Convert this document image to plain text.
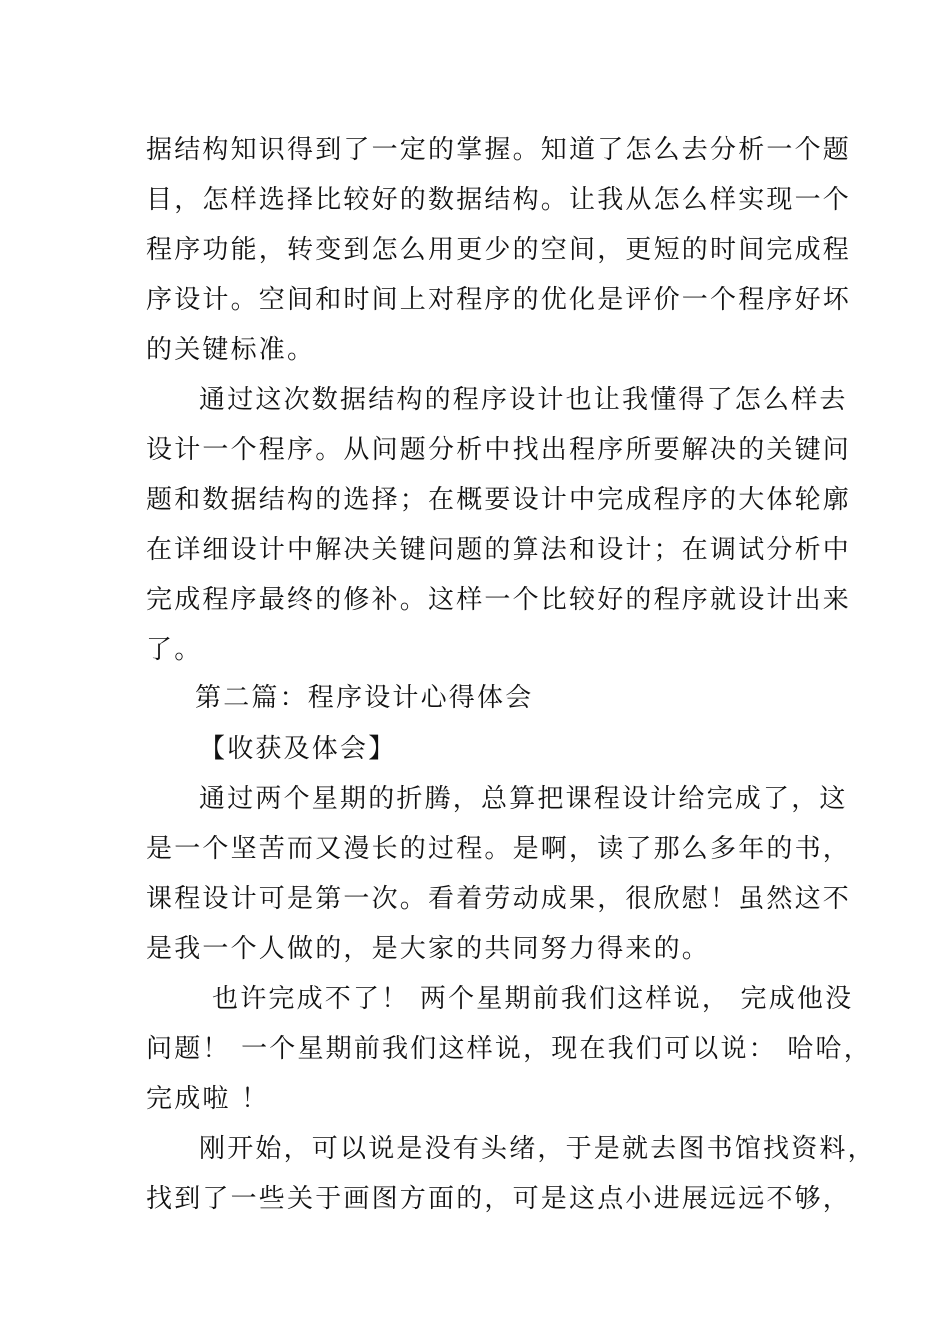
据结构知识得到了一定的掌握。知道了怎么去分析一个题
目，怎样选择比较好的数据结构。让我从怎么样实现一个
程序功能，转变到怎么用更少的空间，更短的时间完成程
序设计。空间和时间上对程序的优化是评价一个程序好坏
的关键标准。
通过这次数据结构的程序设计也让我懂得了怎么样去
设计一个程序。从问题分析中找出程序所要解决的关键问
题和数据结构的选择；在概要设计中完成程序的大体轮廓
在详细设计中解决关键问题的算法和设计；在调试分析中
完成程序最终的修补。这样一个比较好的程序就设计出来
了。
第二篇：程序设计心得体会
【收获及体会】
通过两个星期的折腾，总算把课程设计给完成了，这
是一个坚苦而又漫长的过程。是啊，读了那么多年的书，
课程设计可是第一次。看着劳动成果，很欣慰！虽然这不
是我一个人做的，是大家的共同努力得来的。
也许完成不了！ 两个星期前我们这样说， 完成他没
问题！ 一个星期前我们这样说，现在我们可以说： 哈哈，
完成啦 ！
刚开始，可以说是没有头绪，于是就去图书馆找资料，
找到了一些关于画图方面的，可是这点小进展远远不够，
